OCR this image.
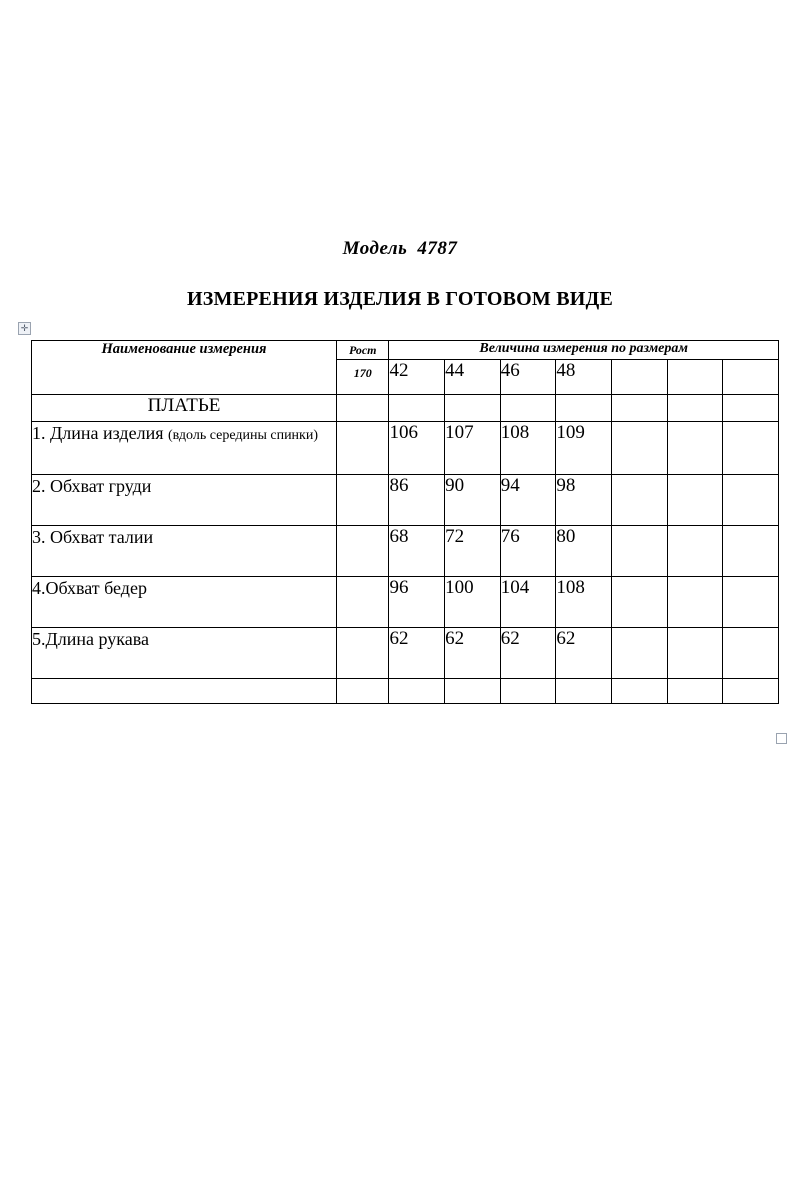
Модель 4787
ИЗМЕРЕНИЯ ИЗДЕЛИЯ В ГОТОВОМ ВИДЕ
✛
Наименование измерения	Рост	Величина измерения по размерам						
	170	42	44	46	48			
ПЛАТЬЕ								
1. Длина изделия (вдоль середины спинки)		106	107	108	109			
2. Обхват груди		86	90	94	98			
3. Обхват талии		68	72	76	80			
4.Обхват бедер		96	100	104	108			
5.Длина рукава		62	62	62	62			
